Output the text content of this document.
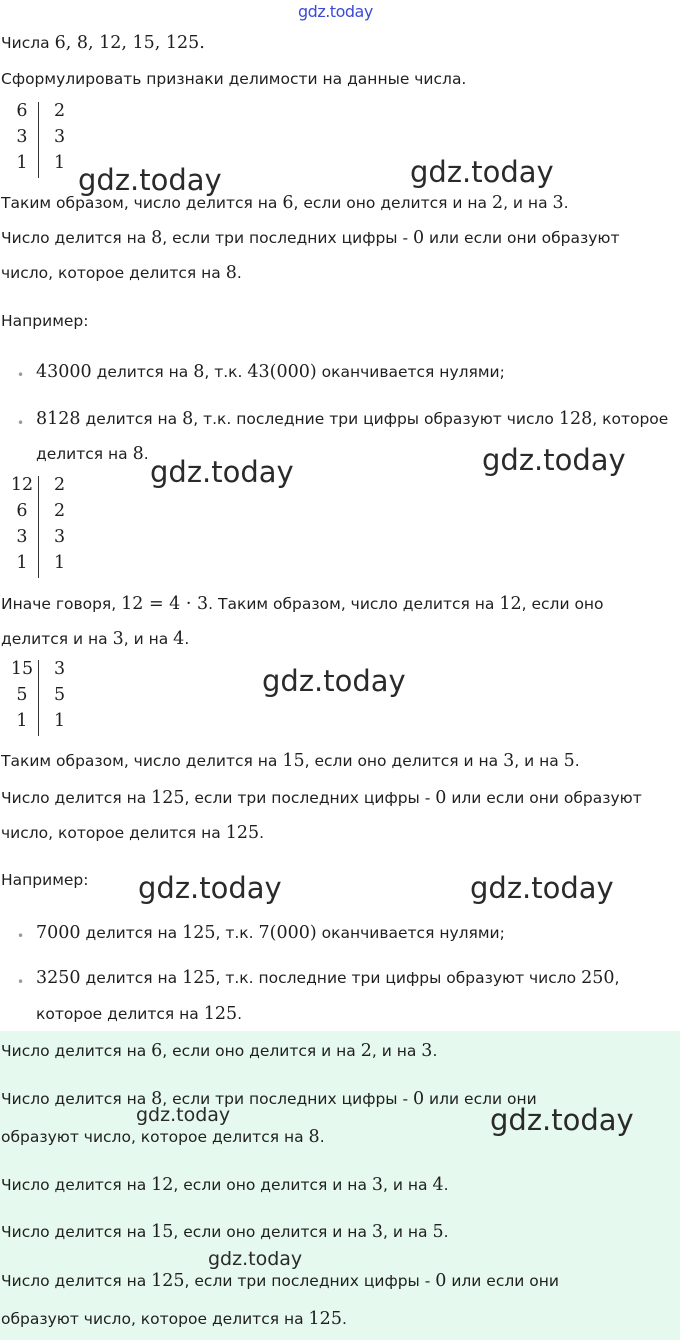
gdz.today
Числа 6, 8, 12, 15, 125.
Сформулировать признаки делимости на данные числа.
6	2
3	3
1	1 gdz.today	gdz.today
Таким образом, число делится на 6, если оно делится и на 2, и на 3.
Число делится на 8, если три последних цифры - 0 или если они образуют
число, которое делится на 8.
Например:
• 43000 делится на 8, т.к. 43(000) оканчивается нулями;
• 8128 делится на 8, т.к. последние три цифры образуют число 128, которое
делится на 8.
gdz.today	gdz.today
12 2
6	2
3	3
1	1
Иначе говоря, 12 = 4 · 3. Таким образом, число делится на 12, если оно
делится и на 3, и на 4.
15 3
5	5
1	1
gdz.today
Таким образом, число делится на 15, если оно делится и на 3, и на 5.
Число делится на 125, если три последних цифры - 0 или если они образуют
число, которое делится на 125.
Например: gdz.today	gdz.today
• 7000 делится на 125, т.к. 7(000) оканчивается нулями;
• 3250 делится на 125, т.к. последние три цифры образуют число 250,
которое делится на 125.
Число делится на 6, если оно делится и на 2, и на 3.
Число делится на 8, если три последних цифры - 0 или если они
gdz.today	gdz.today
образуют число, которое делится на 8.
Число делится на 12, если оно делится и на 3, и на 4.
Число делится на 15, если оно делится и на 3, и на 5.
gdz.today
Число делится на 125, если три последних цифры - 0 или если они
образуют число, которое делится на 125.
